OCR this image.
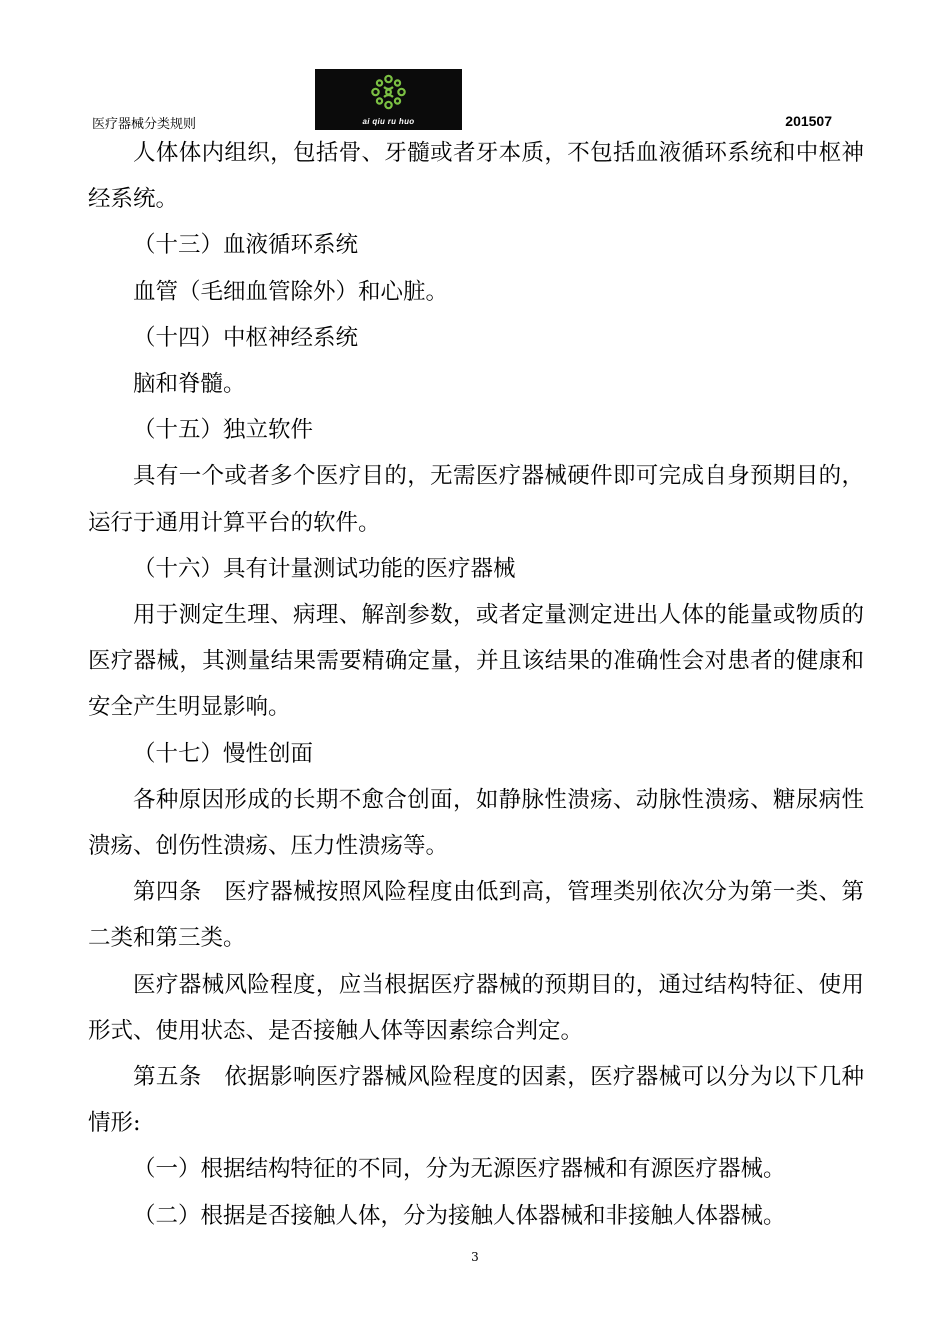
医疗器械分类规则	ai qiu ru huo	201507

人体体内组织，包括骨、牙髓或者牙本质，不包括血液循环系统和中枢神经系统。

（十三）血液循环系统

血管（毛细血管除外）和心脏。

（十四）中枢神经系统

脑和脊髓。

（十五）独立软件

具有一个或者多个医疗目的，无需医疗器械硬件即可完成自身预期目的，运行于通用计算平台的软件。

（十六）具有计量测试功能的医疗器械

用于测定生理、病理、解剖参数，或者定量测定进出人体的能量或物质的医疗器械，其测量结果需要精确定量，并且该结果的准确性会对患者的健康和安全产生明显影响。

（十七）慢性创面

各种原因形成的长期不愈合创面，如静脉性溃疡、动脉性溃疡、糖尿病性溃疡、创伤性溃疡、压力性溃疡等。

第四条　医疗器械按照风险程度由低到高，管理类别依次分为第一类、第二类和第三类。

医疗器械风险程度，应当根据医疗器械的预期目的，通过结构特征、使用形式、使用状态、是否接触人体等因素综合判定。

第五条　依据影响医疗器械风险程度的因素，医疗器械可以分为以下几种情形:

（一）根据结构特征的不同，分为无源医疗器械和有源医疗器械。

（二）根据是否接触人体，分为接触人体器械和非接触人体器械。

3
